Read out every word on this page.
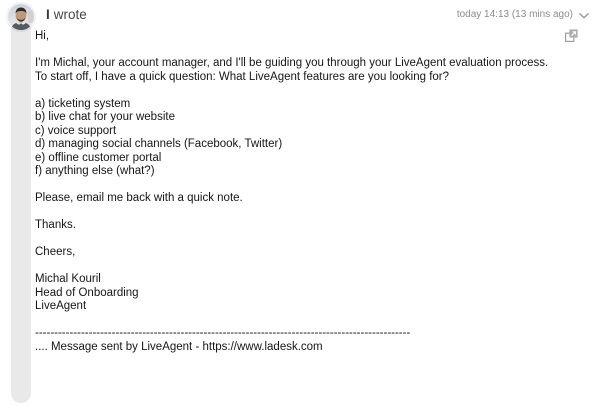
I wrote	today 14:13 (13 mins ago)
Hi,
I'm Michal, your account manager, and I'll be guiding you through your LiveAgent evaluation process.
To start off, I have a quick question: What LiveAgent features are you looking for?
a) ticketing system
b) live chat for your website
c) voice support
d) managing social channels (Facebook, Twitter)
e) offline customer portal
f) anything else (what?)
Please, email me back with a quick note.
Thanks.
Cheers,
Michal Kouril
Head of Onboarding
LiveAgent
--------------------------------------------------------------------------------------------------
.... Message sent by LiveAgent - https://www.ladesk.com
